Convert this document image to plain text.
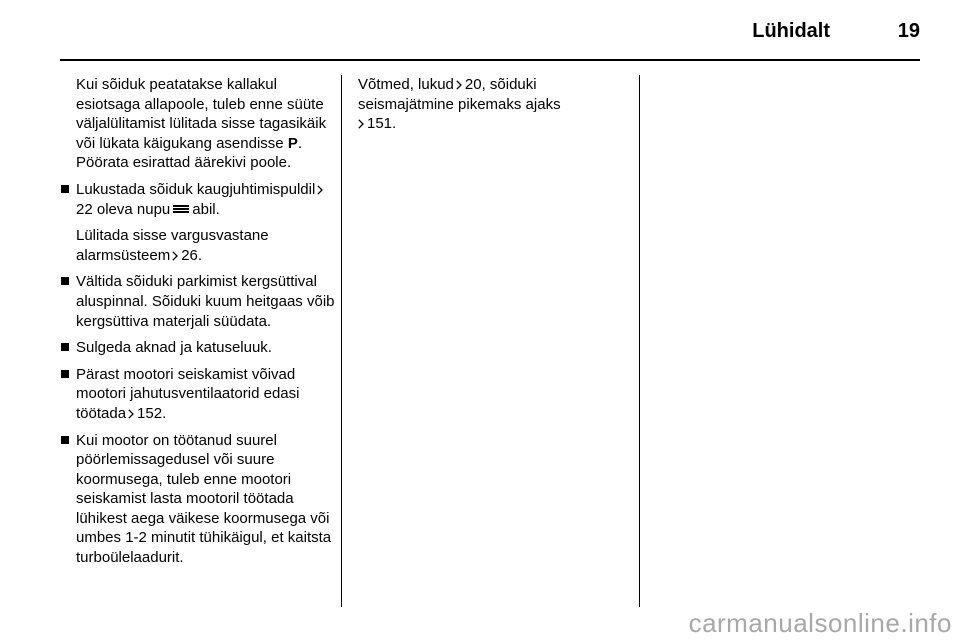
Lühidalt	19

Kui sõiduk peatatakse kallakul esiotsaga allapoole, tuleb enne süüte väljalülitamist lülitada sisse tagasikäik või lükata käigukang asendisse P. Pöörata esirattad äärekivi poole.

Lukustada sõiduk kaugjuhtimispuldil22 oleva nupu abil.
Lülitada sisse vargusvastane alarmsüsteem 26.
Vältida sõiduki parkimist kergsüttival aluspinnal. Sõiduki kuum heitgaas võib kergsüttiva materjali süüdata.
Sulgeda aknad ja katuseluuk.
Pärast mootori seiskamist võivad mootori jahutusventilaatorid edasi töötada 152.
Kui mootor on töötanud suurel pöörlemissagedusel või suure koormusega, tuleb enne mootori seiskamist lasta mootoril töötada lühikest aega väikese koormusega või umbes 1-2 minutit tühikäigul, et kaitsta turboülelaadurit.

Võtmed, lukud 20, sõiduki seismajätmine pikemaks ajaks
151.

carmanualsonline.info
